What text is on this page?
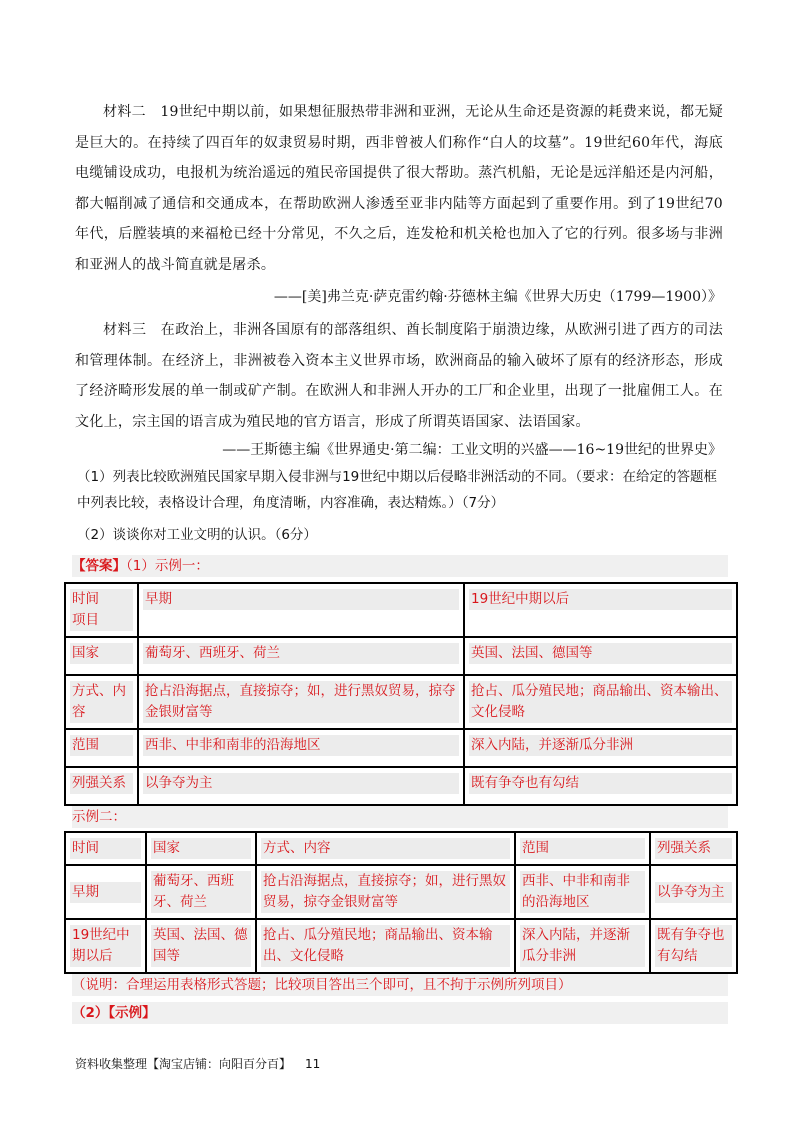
材料二　19世纪中期以前，如果想征服热带非洲和亚洲，无论从生命还是资源的耗费来说，都无疑是巨大的。在持续了四百年的奴隶贸易时期，西非曾被人们称作“白人的坟墓”。19世纪60年代，海底电缆铺设成功，电报机为统治遥远的殖民帝国提供了很大帮助。蒸汽机船，无论是远洋船还是内河船，都大幅削减了通信和交通成本，在帮助欧洲人渗透至亚非内陆等方面起到了重要作用。到了19世纪70年代，后膛装填的来福枪已经十分常见，不久之后，连发枪和机关枪也加入了它的行列。很多场与非洲和亚洲人的战斗简直就是屠杀。
——[美]弗兰克·萨克雷约翰·芬德林主编《世界大历史（1799—1900）》
材料三　在政治上，非洲各国原有的部落组织、酋长制度陷于崩溃边缘，从欧洲引进了西方的司法和管理体制。在经济上，非洲被卷入资本主义世界市场，欧洲商品的输入破坏了原有的经济形态，形成了经济畸形发展的单一制或矿产制。在欧洲人和非洲人开办的工厂和企业里，出现了一批雇佣工人。在文化上，宗主国的语言成为殖民地的官方语言，形成了所谓英语国家、法语国家。
——王斯德主编《世界通史·第二编：工业文明的兴盛——16~19世纪的世界史》
（1）列表比较欧洲殖民国家早期入侵非洲与19世纪中期以后侵略非洲活动的不同。（要求：在给定的答题框中列表比较，表格设计合理，角度清晰，内容准确，表达精炼。）（7分）
（2）谈谈你对工业文明的认识。（6分）
【答案】（1）示例一：
时间
项目	早期	19世纪中期以后
国家	葡萄牙、西班牙、荷兰	英国、法国、德国等
方式、内容	抢占沿海据点，直接掠夺；如，进行黑奴贸易，掠夺金银财富等	抢占、瓜分殖民地；商品输出、资本输出、文化侵略
范围	西非、中非和南非的沿海地区	深入内陆，并逐渐瓜分非洲
列强关系	以争夺为主	既有争夺也有勾结
示例二：
时间	国家	方式、内容	范围	列强关系
早期	葡萄牙、西班牙、荷兰	抢占沿海据点，直接掠夺；如，进行黑奴贸易，掠夺金银财富等	西非、中非和南非的沿海地区	以争夺为主
19世纪中期以后	英国、法国、德国等	抢占、瓜分殖民地；商品输出、资本输出、文化侵略	深入内陆，并逐渐瓜分非洲	既有争夺也有勾结
（说明：合理运用表格形式答题；比较项目答出三个即可，且不拘于示例所列项目）
（2）【示例】
资料收集整理【淘宝店铺：向阳百分百】 11
